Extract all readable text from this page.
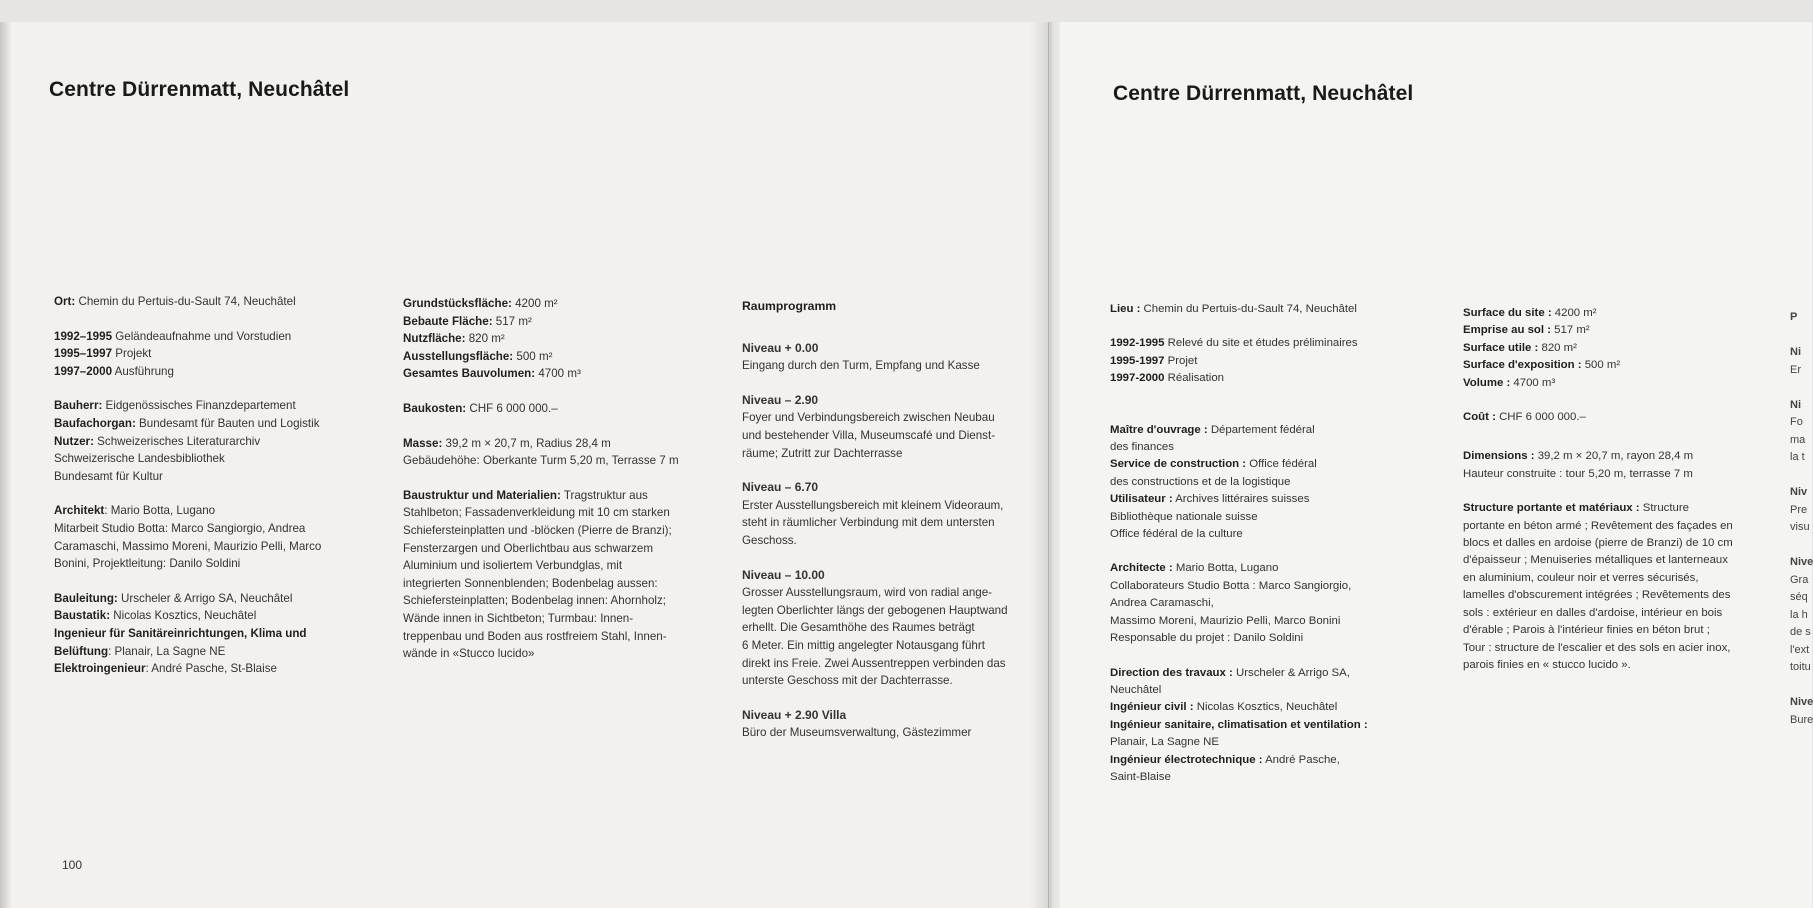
Centre Dürrenmatt, Neuchâtel

Ort: Chemin du Pertuis-du-Sault 74, Neuchâtel

1992–1995 Geländeaufnahme und Vorstudien
1995–1997 Projekt
1997–2000 Ausführung

Bauherr: Eidgenössisches Finanzdepartement
Baufachorgan: Bundesamt für Bauten und Logistik
Nutzer: Schweizerisches Literaturarchiv
Schweizerische Landesbibliothek
Bundesamt für Kultur

Architekt: Mario Botta, Lugano
Mitarbeit Studio Botta: Marco Sangiorgio, Andrea
Caramaschi, Massimo Moreni, Maurizio Pelli, Marco
Bonini, Projektleitung: Danilo Soldini

Bauleitung: Urscheler & Arrigo SA, Neuchâtel
Baustatik: Nicolas Kosztics, Neuchâtel
Ingenieur für Sanitäreinrichtungen, Klima und
Belüftung: Planair, La Sagne NE
Elektroingenieur: André Pasche, St-Blaise

Grundstücksfläche: 4200 m²
Bebaute Fläche: 517 m²
Nutzfläche: 820 m²
Ausstellungsfläche: 500 m²
Gesamtes Bauvolumen: 4700 m³

Baukosten: CHF 6 000 000.–

Masse: 39,2 m × 20,7 m, Radius 28,4 m
Gebäudehöhe: Oberkante Turm 5,20 m, Terrasse 7 m

Baustruktur und Materialien: Tragstruktur aus
Stahlbeton; Fassadenverkleidung mit 10 cm starken
Schiefersteinplatten und -blöcken (Pierre de Branzi);
Fensterzargen und Oberlichtbau aus schwarzem
Aluminium und isoliertem Verbundglas, mit
integrierten Sonnenblenden; Bodenbelag aussen:
Schiefersteinplatten; Bodenbelag innen: Ahornholz;
Wände innen in Sichtbeton; Turmbau: Innen-
treppenbau und Boden aus rostfreiem Stahl, Innen-
wände in «Stucco lucido»

Raumprogramm

Niveau + 0.00
Eingang durch den Turm, Empfang und Kasse

Niveau – 2.90
Foyer und Verbindungsbereich zwischen Neubau
und bestehender Villa, Museumscafé und Dienst-
räume; Zutritt zur Dachterrasse

Niveau – 6.70
Erster Ausstellungsbereich mit kleinem Videoraum,
steht in räumlicher Verbindung mit dem untersten
Geschoss.

Niveau – 10.00
Grosser Ausstellungsraum, wird von radial ange-
legten Oberlichter längs der gebogenen Hauptwand
erhellt. Die Gesamthöhe des Raumes beträgt
6 Meter. Ein mittig angelegter Notausgang führt
direkt ins Freie. Zwei Aussentreppen verbinden das
unterste Geschoss mit der Dachterrasse.

Niveau + 2.90 Villa
Büro der Museumsverwaltung, Gästezimmer

100
Centre Dürrenmatt, Neuchâtel

Lieu : Chemin du Pertuis-du-Sault 74, Neuchâtel

1992-1995 Relevé du site et études préliminaires
1995-1997 Projet
1997-2000 Réalisation

Maître d'ouvrage : Département fédéral
des finances
Service de construction : Office fédéral
des constructions et de la logistique
Utilisateur : Archives littéraires suisses
Bibliothèque nationale suisse
Office fédéral de la culture

Architecte : Mario Botta, Lugano
Collaborateurs Studio Botta : Marco Sangiorgio,
Andrea Caramaschi,
Massimo Moreni, Maurizio Pelli, Marco Bonini
Responsable du projet : Danilo Soldini

Direction des travaux : Urscheler & Arrigo SA,
Neuchâtel
Ingénieur civil : Nicolas Kosztics, Neuchâtel
Ingénieur sanitaire, climatisation et ventilation :
Planair, La Sagne NE
Ingénieur électrotechnique : André Pasche,
Saint-Blaise

Surface du site : 4200 m²
Emprise au sol : 517 m²
Surface utile : 820 m²
Surface d'exposition : 500 m²
Volume : 4700 m³

Coût : CHF 6 000 000.–

Dimensions : 39,2 m × 20,7 m, rayon 28,4 m
Hauteur construite : tour 5,20 m, terrasse 7 m

Structure portante et matériaux : Structure
portante en béton armé ; Revêtement des façades en
blocs et dalles en ardoise (pierre de Branzi) de 10 cm
d'épaisseur ; Menuiseries métalliques et lanterneaux
en aluminium, couleur noir et verres sécurisés,
lamelles d'obscurement intégrées ; Revêtements des
sols : extérieur en dalles d'ardoise, intérieur en bois
d'érable ; Parois à l'intérieur finies en béton brut ;
Tour : structure de l'escalier et des sols en acier inox,
parois finies en « stucco lucido ».

P

Ni
Er

Ni
Fo
ma
la t

Niv
Pre
visu

Nive
Gra
séq
la h
de s
l'ext
toitu

Nive
Bure
